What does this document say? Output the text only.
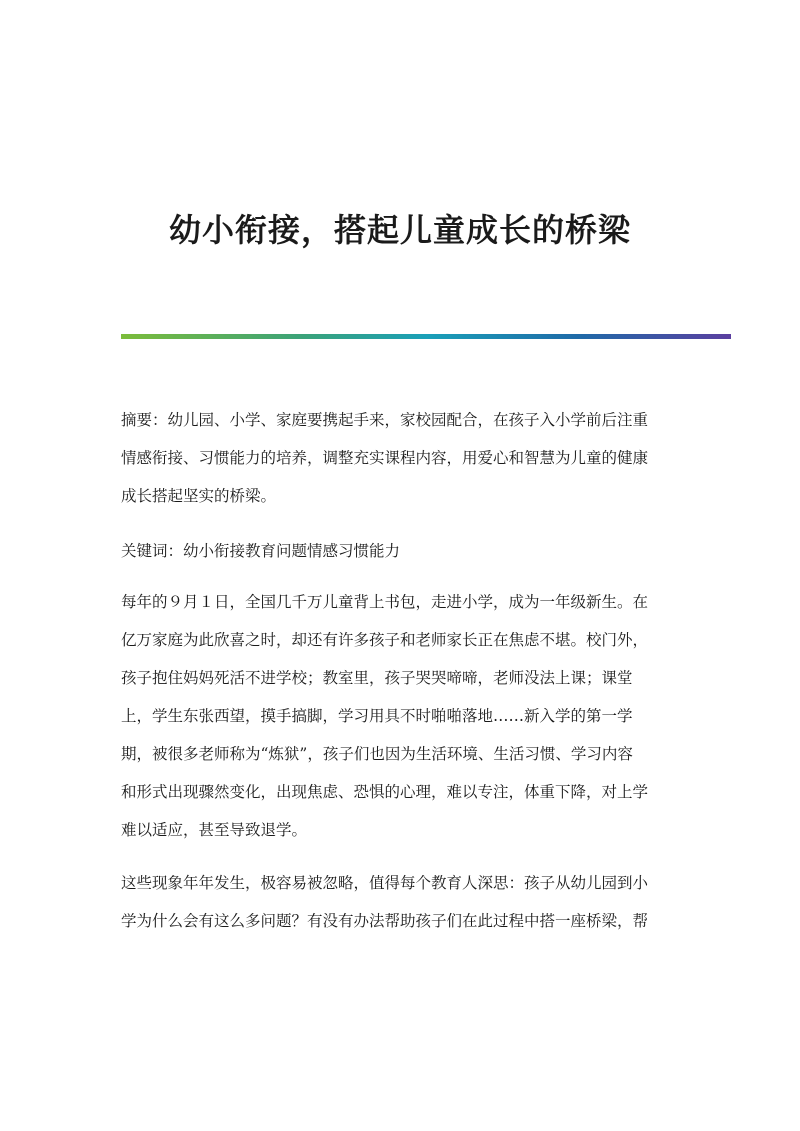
幼小衔接，搭起儿童成长的桥梁

摘要：幼儿园、小学、家庭要携起手来，家校园配合，在孩子入小学前后注重
情感衔接、习惯能力的培养，调整充实课程内容，用爱心和智慧为儿童的健康
成长搭起坚实的桥梁。

关键词：幼小衔接教育问题情感习惯能力

每年的９月１日，全国几千万儿童背上书包，走进小学，成为一年级新生。在
亿万家庭为此欣喜之时，却还有许多孩子和老师家长正在焦虑不堪。校门外，
孩子抱住妈妈死活不进学校；教室里，孩子哭哭啼啼，老师没法上课；课堂
上，学生东张西望，摸手搞脚，学习用具不时啪啪落地……新入学的第一学
期，被很多老师称为“炼狱”，孩子们也因为生活环境、生活习惯、学习内容
和形式出现骤然变化，出现焦虑、恐惧的心理，难以专注，体重下降，对上学
难以适应，甚至导致退学。

这些现象年年发生，极容易被忽略，值得每个教育人深思：孩子从幼儿园到小
学为什么会有这么多问题？有没有办法帮助孩子们在此过程中搭一座桥梁，帮
